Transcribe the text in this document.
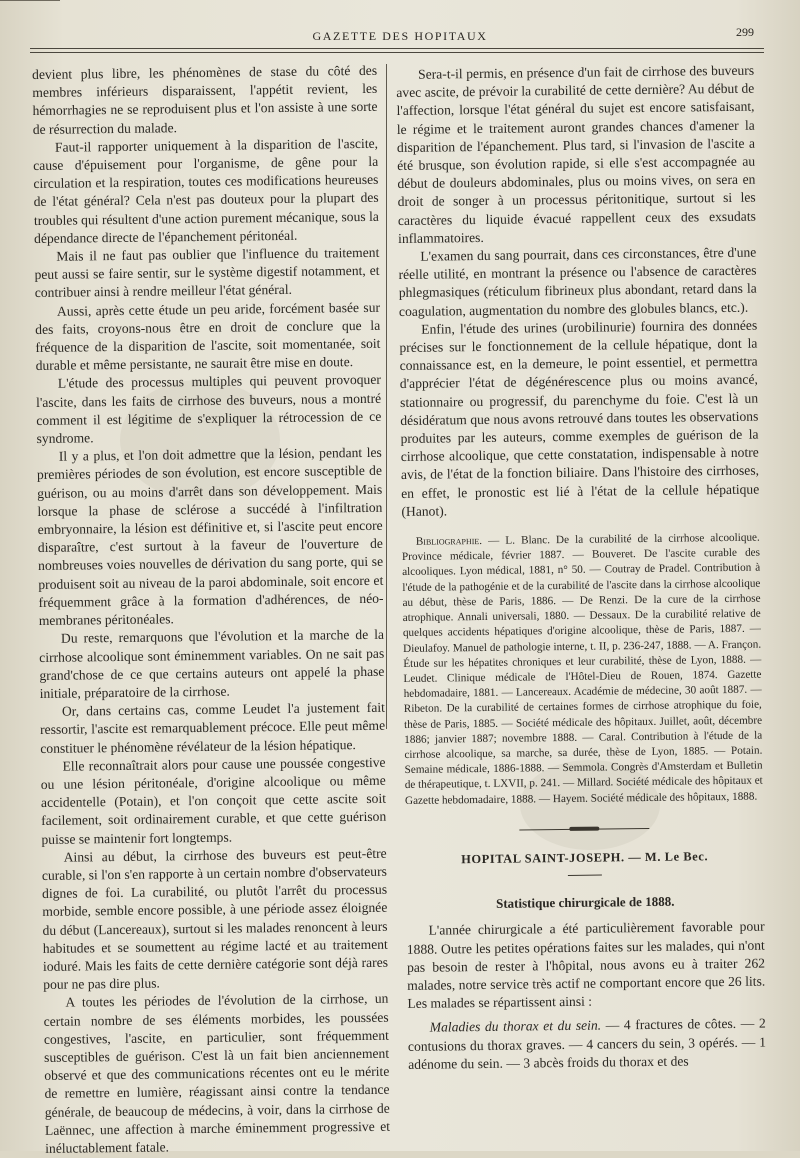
GAZETTE DES HOPITAUX	299

devient plus libre, les phénomènes de stase du côté des membres inférieurs disparaissent, l'appétit revient, les hémorrhagies ne se reproduisent plus et l'on assiste à une sorte de résurrection du malade.

Faut-il rapporter uniquement à la disparition de l'ascite, cause d'épuisement pour l'organisme, de gêne pour la circulation et la respiration, toutes ces modifications heureuses de l'état général? Cela n'est pas douteux pour la plupart des troubles qui résultent d'une action purement mécanique, sous la dépendance directe de l'épanchement péritonéal.

Mais il ne faut pas oublier que l'influence du traitement peut aussi se faire sentir, sur le système digestif notamment, et contribuer ainsi à rendre meilleur l'état général.

Aussi, après cette étude un peu aride, forcément basée sur des faits, croyons-nous être en droit de conclure que la fréquence de la disparition de l'ascite, soit momentanée, soit durable et même persistante, ne saurait être mise en doute.

L'étude des processus multiples qui peuvent provoquer l'ascite, dans les faits de cirrhose des buveurs, nous a montré comment il est légitime de s'expliquer la rétrocession de ce syndrome.

Il y a plus, et l'on doit admettre que la lésion, pendant les premières périodes de son évolution, est encore susceptible de guérison, ou au moins d'arrêt dans son développement. Mais lorsque la phase de sclérose a succédé à l'infiltration embryonnaire, la lésion est définitive et, si l'ascite peut encore disparaître, c'est surtout à la faveur de l'ouverture de nombreuses voies nouvelles de dérivation du sang porte, qui se produisent soit au niveau de la paroi abdominale, soit encore et fréquemment grâce à la formation d'adhérences, de néo-membranes péritonéales.

Du reste, remarquons que l'évolution et la marche de la cirrhose alcoolique sont éminemment variables. On ne sait pas grand'chose de ce que certains auteurs ont appelé la phase initiale, préparatoire de la cirrhose.

Or, dans certains cas, comme Leudet l'a justement fait ressortir, l'ascite est remarquablement précoce. Elle peut même constituer le phénomène révélateur de la lésion hépatique.

Elle reconnaîtrait alors pour cause une poussée congestive ou une lésion péritonéale, d'origine alcoolique ou même accidentelle (Potain), et l'on conçoit que cette ascite soit facilement, soit ordinairement curable, et que cette guérison puisse se maintenir fort longtemps.

Ainsi au début, la cirrhose des buveurs est peut-être curable, si l'on s'en rapporte à un certain nombre d'observateurs dignes de foi. La curabilité, ou plutôt l'arrêt du processus morbide, semble encore possible, à une période assez éloignée du début (Lancereaux), surtout si les malades renoncent à leurs habitudes et se soumettent au régime lacté et au traitement ioduré. Mais les faits de cette dernière catégorie sont déjà rares pour ne pas dire plus.

A toutes les périodes de l'évolution de la cirrhose, un certain nombre de ses éléments morbides, les poussées congestives, l'ascite, en particulier, sont fréquemment susceptibles de guérison. C'est là un fait bien anciennement observé et que des communications récentes ont eu le mérite de remettre en lumière, réagissant ainsi contre la tendance générale, de beaucoup de médecins, à voir, dans la cirrhose de Laënnec, une affection à marche éminemment progressive et inéluctablement fatale.

Sera-t-il permis, en présence d'un fait de cirrhose des buveurs avec ascite, de prévoir la curabilité de cette dernière? Au début de l'affection, lorsque l'état général du sujet est encore satisfaisant, le régime et le traitement auront grandes chances d'amener la disparition de l'épanchement. Plus tard, si l'invasion de l'ascite a été brusque, son évolution rapide, si elle s'est accompagnée au début de douleurs abdominales, plus ou moins vives, on sera en droit de songer à un processus péritonitique, surtout si les caractères du liquide évacué rappellent ceux des exsudats inflammatoires.

L'examen du sang pourrait, dans ces circonstances, être d'une réelle utilité, en montrant la présence ou l'absence de caractères phlegmasiques (réticulum fibrineux plus abondant, retard dans la coagulation, augmentation du nombre des globules blancs, etc.).

Enfin, l'étude des urines (urobilinurie) fournira des données précises sur le fonctionnement de la cellule hépatique, dont la connaissance est, en la demeure, le point essentiel, et permettra d'apprécier l'état de dégénérescence plus ou moins avancé, stationnaire ou progressif, du parenchyme du foie. C'est là un désidératum que nous avons retrouvé dans toutes les observations produites par les auteurs, comme exemples de guérison de la cirrhose alcoolique, que cette constatation, indispensable à notre avis, de l'état de la fonction biliaire. Dans l'histoire des cirrhoses, en effet, le pronostic est lié à l'état de la cellule hépatique (Hanot).

Bibliographie. — L. Blanc. De la curabilité de la cirrhose alcoolique. Province médicale, février 1887. — Bouveret. De l'ascite curable des alcooliques. Lyon médical, 1881, n° 50. — Coutray de Pradel. Contribution à l'étude de la pathogénie et de la curabilité de l'ascite dans la cirrhose alcoolique au début, thèse de Paris, 1886. — De Renzi. De la cure de la cirrhose atrophique. Annali universali, 1880. — Dessaux. De la curabilité relative de quelques accidents hépatiques d'origine alcoolique, thèse de Paris, 1887. — Dieulafoy. Manuel de pathologie interne, t. II, p. 236-247, 1888. — A. Françon. Étude sur les hépatites chroniques et leur curabilité, thèse de Lyon, 1888. — Leudet. Clinique médicale de l'Hôtel-Dieu de Rouen, 1874. Gazette hebdomadaire, 1881. — Lancereaux. Académie de médecine, 30 août 1887. — Ribeton. De la curabilité de certaines formes de cirrhose atrophique du foie, thèse de Paris, 1885. — Société médicale des hôpitaux. Juillet, août, décembre 1886; janvier 1887; novembre 1888. — Caral. Contribution à l'étude de la cirrhose alcoolique, sa marche, sa durée, thèse de Lyon, 1885. — Potain. Semaine médicale, 1886-1888. — Semmola. Congrès d'Amsterdam et Bulletin de thérapeutique, t. LXVII, p. 241. — Millard. Société médicale des hôpitaux et Gazette hebdomadaire, 1888. — Hayem. Société médicale des hôpitaux, 1888.

HOPITAL SAINT-JOSEPH. — M. Le Bec.
Statistique chirurgicale de 1888.

L'année chirurgicale a été particulièrement favorable pour 1888. Outre les petites opérations faites sur les malades, qui n'ont pas besoin de rester à l'hôpital, nous avons eu à traiter 262 malades, notre service très actif ne comportant encore que 26 lits. Les malades se répartissent ainsi :

Maladies du thorax et du sein. — 4 fractures de côtes. — 2 contusions du thorax graves. — 4 cancers du sein, 3 opérés. — 1 adénome du sein. — 3 abcès froids du thorax et des
